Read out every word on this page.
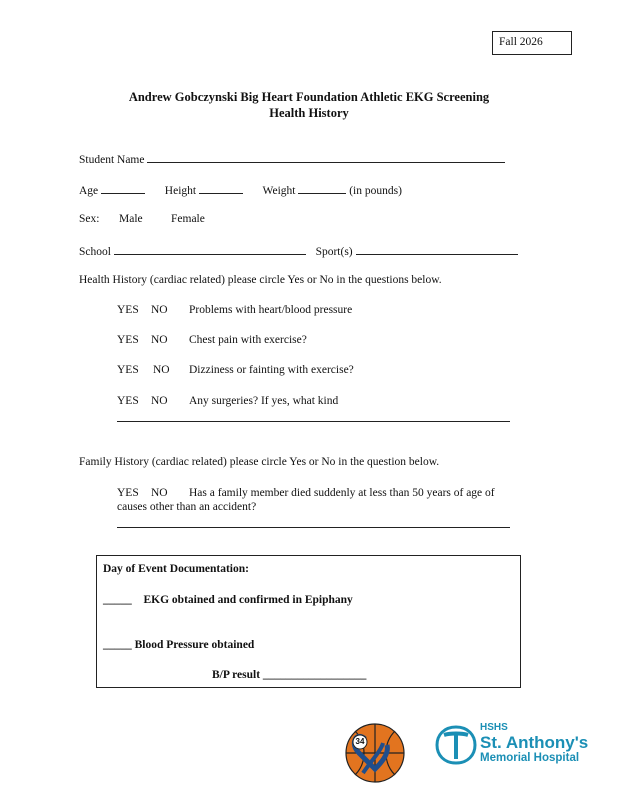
Fall 2026
Andrew Gobczynski Big Heart Foundation Athletic EKG Screening
Health History
Student Name
Age	Height	Weight	(in pounds)
Sex: Male Female
School	Sport(s)
Health History (cardiac related) please circle Yes or No in the questions below.
YES NO Problems with heart/blood pressure
YES NO Chest pain with exercise?
YES NO Dizziness or fainting with exercise?
YES NO Any surgeries? If yes, what kind
Family History (cardiac related) please circle Yes or No in the question below.
YES NO Has a family member died suddenly at less than 50 years of age of
causes other than an accident?
Day of Event Documentation:
_____ EKG obtained and confirmed in Epiphany
_____ Blood Pressure obtained
B/P result __________________
34
HSHS
St. Anthony's
Memorial Hospital
